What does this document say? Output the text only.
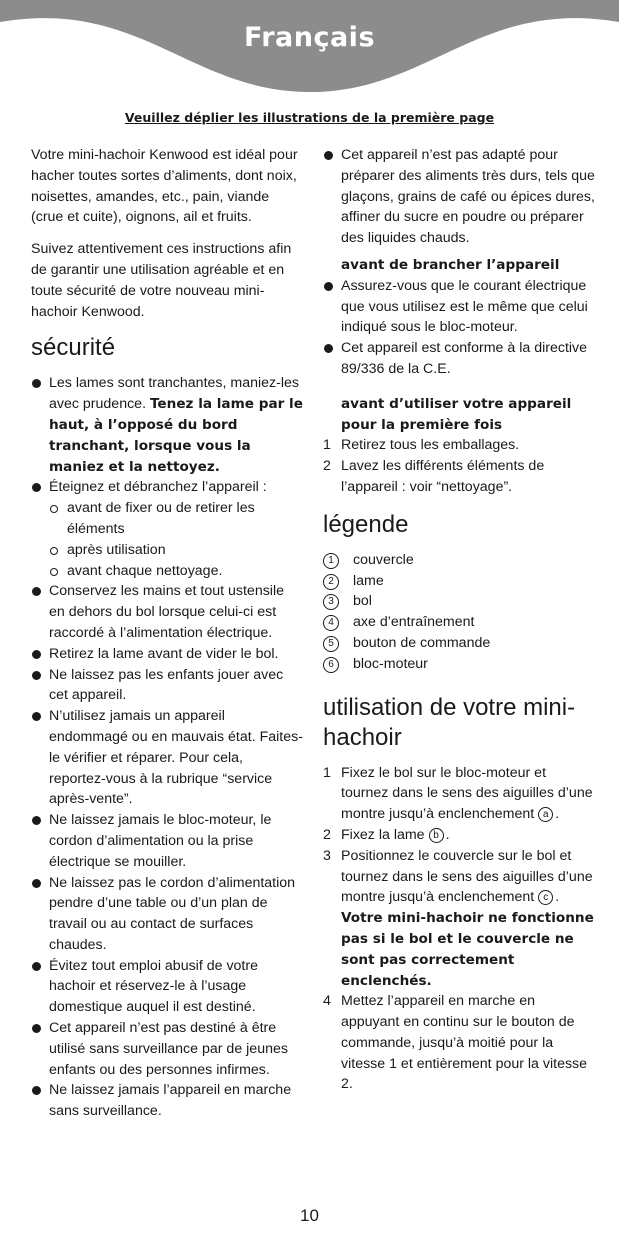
Français
Veuillez déplier les illustrations de la première page

Votre mini-hachoir Kenwood est idéal pour hacher toutes sortes d’aliments, dont noix, noisettes, amandes, etc., pain, viande (crue et cuite), oignons, ail et fruits.

Suivez attentivement ces instructions afin de garantir une utilisation agréable et en toute sécurité de votre nouveau mini-hachoir Kenwood.

sécurité
Les lames sont tranchantes, maniez-les avec prudence. Tenez la lame par le haut, à l’opposé du bord tranchant, lorsque vous la maniez et la nettoyez.
Éteignez et débranchez l’appareil :
avant de fixer ou de retirer les éléments
après utilisation
avant chaque nettoyage.
Conservez les mains et tout ustensile en dehors du bol lorsque celui-ci est raccordé à l’alimentation électrique.
Retirez la lame avant de vider le bol.
Ne laissez pas les enfants jouer avec cet appareil.
N’utilisez jamais un appareil endommagé ou en mauvais état. Faites-le vérifier et réparer. Pour cela, reportez-vous à la rubrique “service après-vente”.
Ne laissez jamais le bloc-moteur, le cordon d’alimentation ou la prise électrique se mouiller.
Ne laissez pas le cordon d’alimentation pendre d’une table ou d’un plan de travail ou au contact de surfaces chaudes.
Évitez tout emploi abusif de votre hachoir et réservez-le à l’usage domestique auquel il est destiné.
Cet appareil n’est pas destiné à être utilisé sans surveillance par de jeunes enfants ou des personnes infirmes.
Ne laissez jamais l’appareil en marche sans surveillance.
Cet appareil n’est pas adapté pour préparer des aliments très durs, tels que glaçons, grains de café ou épices dures, affiner du sucre en poudre ou préparer des liquides chauds.
avant de brancher l’appareil
Assurez-vous que le courant électrique que vous utilisez est le même que celui indiqué sous le bloc-moteur.
Cet appareil est conforme à la directive 89/336 de la C.E.
avant d’utiliser votre appareil pour la première fois
1 Retirez tous les emballages.
2 Lavez les différents éléments de l’appareil : voir “nettoyage”.
légende
1	couvercle
2	lame
3	bol
4	axe d’entraînement
5	bouton de commande
6	bloc-moteur
utilisation de votre mini-hachoir
1 Fixez le bol sur le bloc-moteur et tournez dans le sens des aiguilles d’une montre jusqu’à enclenchement a .
2 Fixez la lame b .
3 Positionnez le couvercle sur le bol et tournez dans le sens des aiguilles d’une montre jusqu’à enclenchement c .
Votre mini-hachoir ne fonctionne pas si le bol et le couvercle ne sont pas correctement enclenchés.
4 Mettez l’appareil en marche en appuyant en continu sur le bouton de commande, jusqu’à moitié pour la vitesse 1 et entièrement pour la vitesse 2.
10
